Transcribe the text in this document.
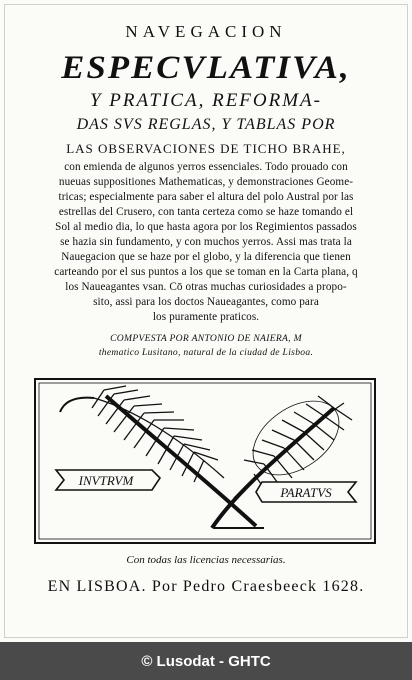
NAVEGACION
ESPECVLATIVA,
Y PRATICA, REFORMA-
DAS SVS REGLAS, Y TABLAS POR
LAS OBSERVACIONES DE TICHO BRAHE,
con emienda de algunos yerros essenciales. Todo prouado con
nueuas suppositiones Mathematicas, y demonstraciones Geome-
tricas; especialmente para saber el altura del polo Austral por las
estrellas del Crusero, con tanta certeza como se haze tomando el
Sol al medio dia, lo que hasta agora por los Regimientos passados
se hazia sin fundamento, y con muchos yerros. Assi mas trata la
Nauegacion que se haze por el globo, y la diferencia que tienen
carteando por el sus puntos a los que se toman en la Carta plana, q
los Naueagantes vsan. Cō otras muchas curiosidades a propo-
sito, assi para los doctos Naueagantes, como para
los puramente praticos.
COMPVESTA POR ANTONIO DE NAIERA, M
thematico Lusitano, natural de la ciudad de Lisboa.
INVTRVM
PARATVS
Con todas las licencias necessarias.
EN LISBOA. Por Pedro Craesbeeck 1628.
© Lusodat - GHTC
